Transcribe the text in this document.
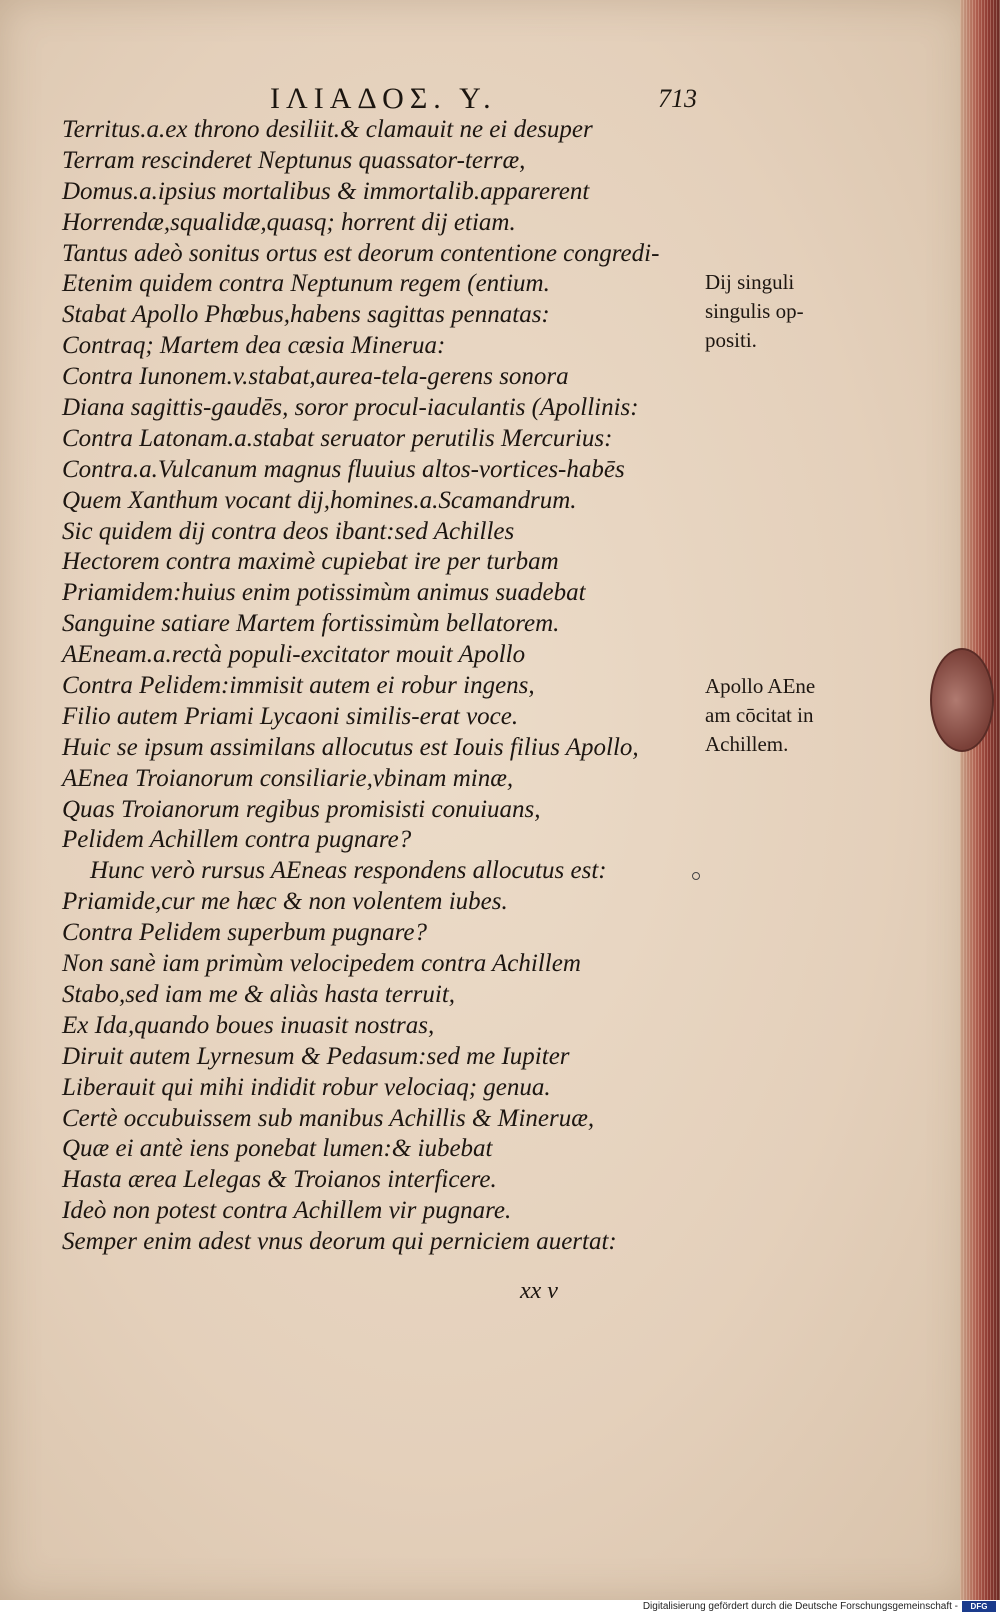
ΙΛΙΑΔΟΣ. Υ.	713
Territus.a.ex throno desiliit.& clamauit ne ei desuper
Terram rescinderet Neptunus quassator-terræ,
Domus.a.ipsius mortalibus & immortalib.apparerent
Horrendæ,squalidæ,quasq; horrent dij etiam.
Tantus adeò sonitus ortus est deorum contentione congredi-
Etenim quidem contra Neptunum regem (entium.
Stabat Apollo Phœbus,habens sagittas pennatas:
Contraq; Martem dea cæsia Minerua:
Contra Iunonem.v.stabat,aurea-tela-gerens sonora
Diana sagittis-gaudēs, soror procul-iaculantis (Apollinis:
Contra Latonam.a.stabat seruator perutilis Mercurius:
Contra.a.Vulcanum magnus fluuius altos-vortices-habēs
Quem Xanthum vocant dij,homines.a.Scamandrum.
Sic quidem dij contra deos ibant:sed Achilles
Hectorem contra maximè cupiebat ire per turbam
Priamidem:huius enim potissimùm animus suadebat
Sanguine satiare Martem fortissimùm bellatorem.
AEneam.a.rectà populi-excitator mouit Apollo
Contra Pelidem:immisit autem ei robur ingens,
Filio autem Priami Lycaoni similis-erat voce.
Huic se ipsum assimilans allocutus est Iouis filius Apollo,
AEnea Troianorum consiliarie,vbinam minæ,
Quas Troianorum regibus promisisti conuiuans,
Pelidem Achillem contra pugnare?
Hunc verò rursus AEneas respondens allocutus est:
Priamide,cur me hæc & non volentem iubes.
Contra Pelidem superbum pugnare?
Non sanè iam primùm velocipedem contra Achillem
Stabo,sed iam me & aliàs hasta terruit,
Ex Ida,quando boues inuasit nostras,
Diruit autem Lyrnesum & Pedasum:sed me Iupiter
Liberauit qui mihi indidit robur velociaq; genua.
Certè occubuissem sub manibus Achillis & Mineruæ,
Quæ ei antè iens ponebat lumen:& iubebat
Hasta ærea Lelegas & Troianos interficere.
Ideò non potest contra Achillem vir pugnare.
Semper enim adest vnus deorum qui perniciem auertat:
Dij singuli
singulis op-
positi.
Apollo AEne
am cōcitat in
Achillem.
xx v
Digitalisierung gefördert durch die Deutsche Forschungsgemeinschaft -	DFG
